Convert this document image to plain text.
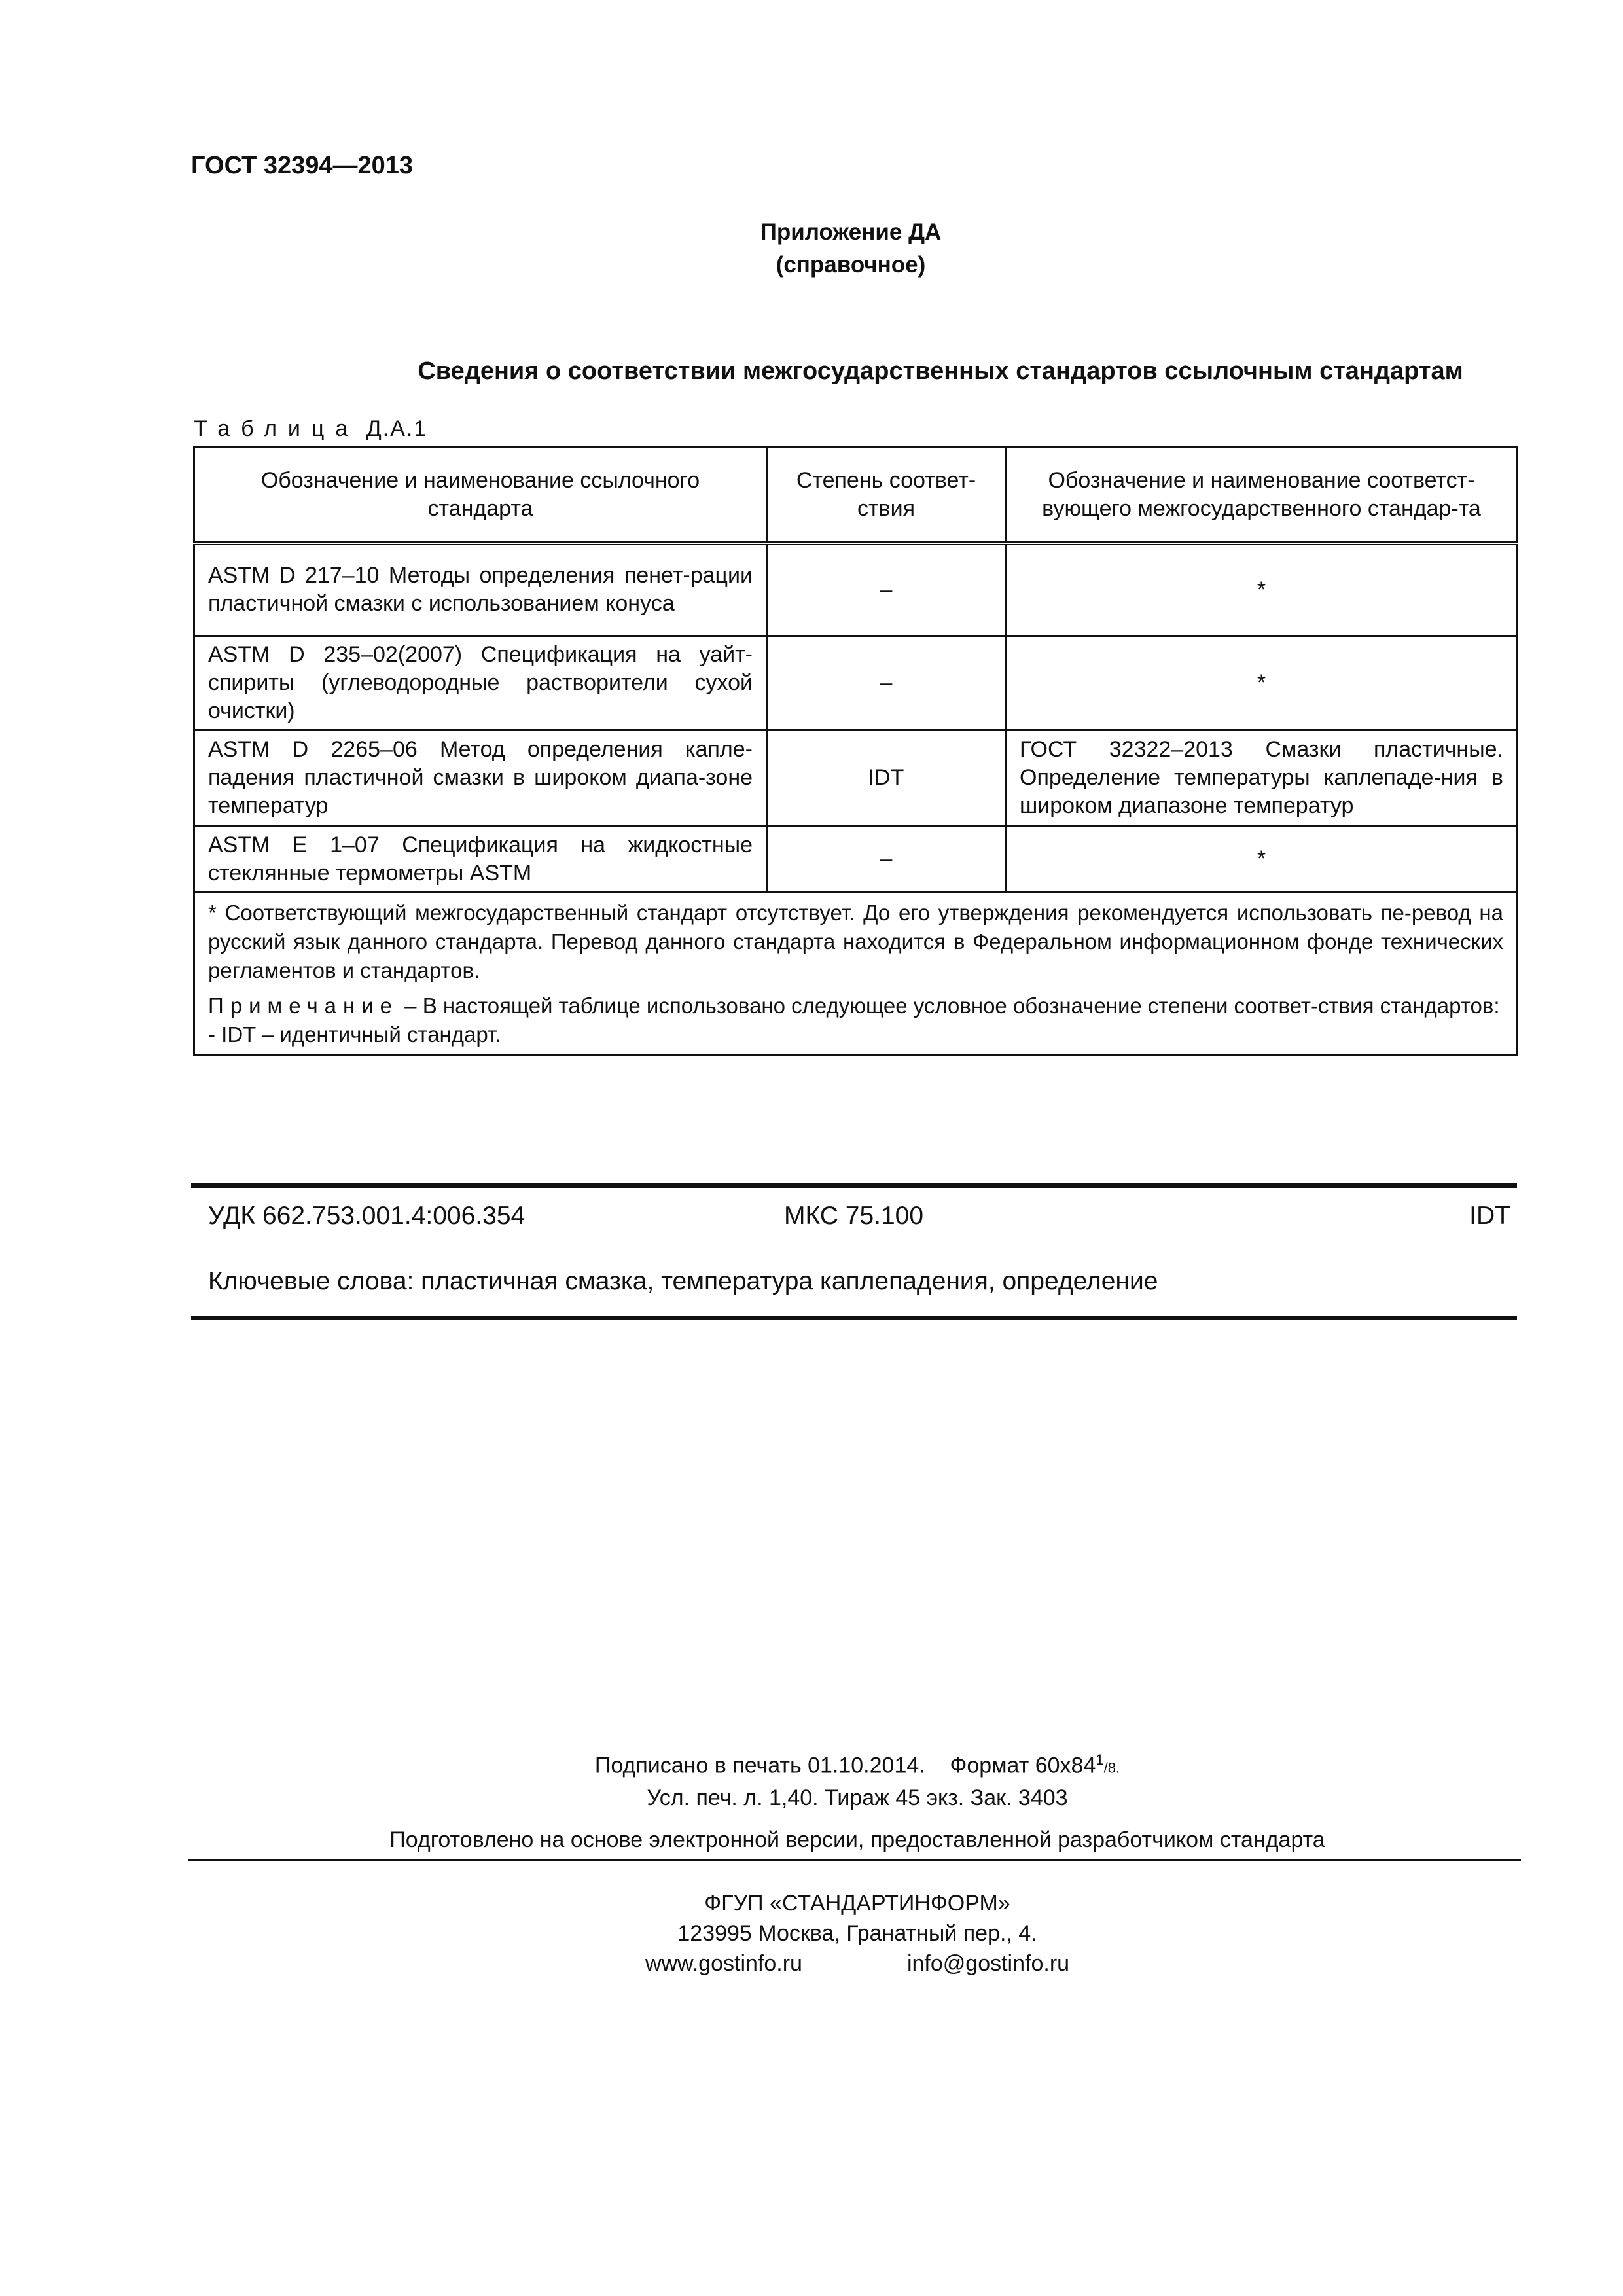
ГОСТ 32394—2013
Приложение ДА
(справочное)
Сведения о соответствии межгосударственных стандартов ссылочным стандартам
Таблица Д.А.1
Обозначение и наименование ссылочного стандарта	Степень соответ-ствия	Обозначение и наименование соответст-вующего межгосударственного стандар-та
ASTM D 217–10 Методы определения пенет-рации пластичной смазки с использованием конуса	–	*
ASTM D 235–02(2007) Спецификация на уайт-спириты (углеводородные растворители сухой очистки)	–	*
ASTM D 2265–06 Метод определения капле-падения пластичной смазки в широком диапа-зоне температур	IDT	ГОСТ 32322–2013 Смазки пластичные. Определение температуры каплепаде-ния в широком диапазоне температур
ASTM E 1–07 Спецификация на жидкостные стеклянные термометры ASTM	–	*

* Соответствующий межгосударственный стандарт отсутствует. До его утверждения рекомендуется использовать пе-ревод на русский язык данного стандарта. Перевод данного стандарта находится в Федеральном информационном фонде технических регламентов и стандартов.
Примечание – В настоящей таблице использовано следующее условное обозначение степени соответ-ствия стандартов:
- IDT – идентичный стандарт.		
УДК 662.753.001.4:006.354	МКС 75.100	IDT
Ключевые слова: пластичная смазка, температура каплепадения, определение
Подписано в печать 01.10.2014. Формат $60x84^1/8$.
Усл. печ. л. 1,40. Тираж 45 экз. Зак. 3403
Подготовлено на основе электронной версии, предоставленной разработчиком стандарта
ФГУП «СТАНДАРТИНФОРМ»
123995 Москва, Гранатный пер., 4.
www.gostinfo.ru	info@gostinfo.ru
